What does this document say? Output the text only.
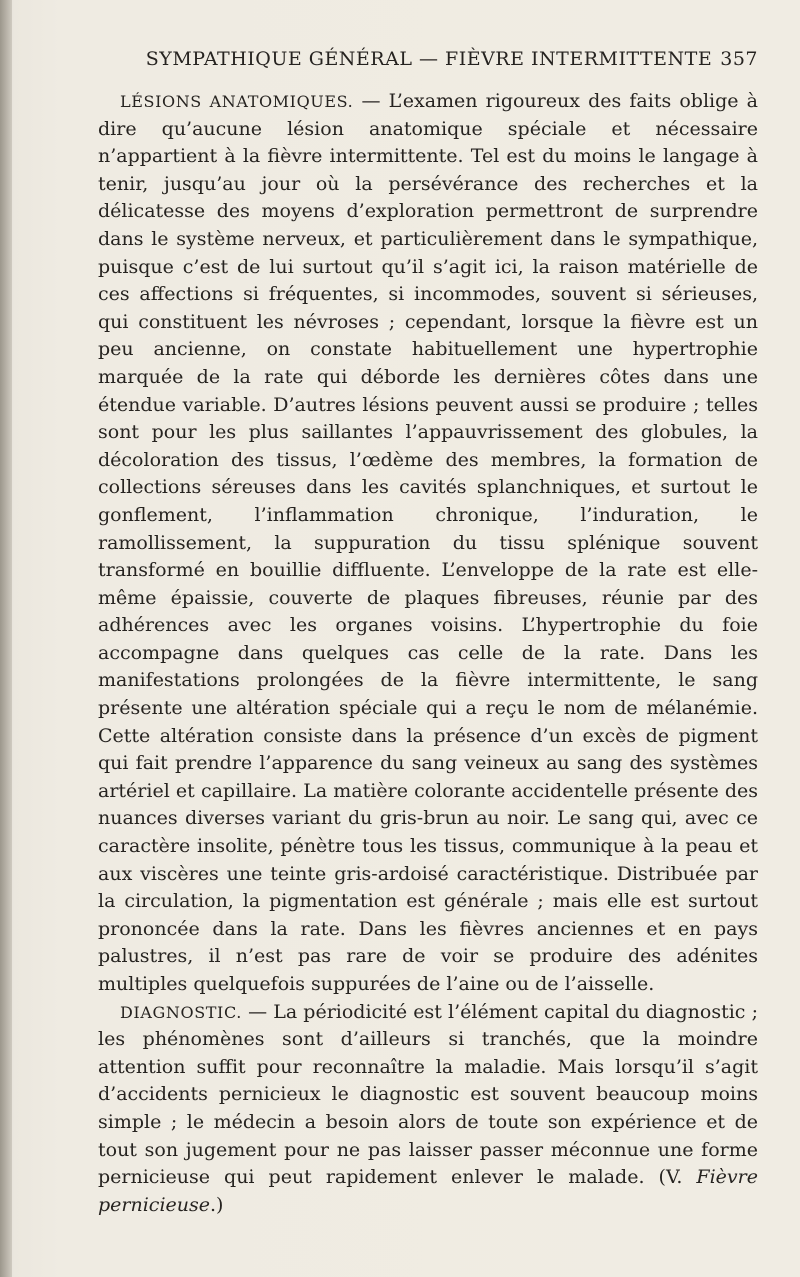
SYMPATHIQUE GÉNÉRAL — FIÈVRE INTERMITTENTE 357

LÉSIONS ANATOMIQUES. — L’examen rigoureux des faits oblige à dire qu’aucune lésion anatomique spéciale et nécessaire n’appartient à la fièvre intermittente. Tel est du moins le langage à tenir, jusqu’au jour où la persévérance des recherches et la délicatesse des moyens d’exploration permettront de surprendre dans le système nerveux, et particulièrement dans le sympathique, puisque c’est de lui surtout qu’il s’agit ici, la raison matérielle de ces affections si fréquentes, si incommodes, souvent si sérieuses, qui constituent les névroses ; cependant, lorsque la fièvre est un peu ancienne, on constate habituellement une hypertrophie marquée de la rate qui déborde les dernières côtes dans une étendue variable. D’autres lésions peuvent aussi se produire ; telles sont pour les plus saillantes l’appauvrissement des globules, la décoloration des tissus, l’œdème des membres, la formation de collections séreuses dans les cavités splanchniques, et surtout le gonflement, l’inflammation chronique, l’induration, le ramollissement, la suppuration du tissu splénique souvent transformé en bouillie diffluente. L’enveloppe de la rate est elle-même épaissie, couverte de plaques fibreuses, réunie par des adhérences avec les organes voisins. L’hypertrophie du foie accompagne dans quelques cas celle de la rate. Dans les manifestations prolongées de la fièvre intermittente, le sang présente une altération spéciale qui a reçu le nom de mélanémie. Cette altération consiste dans la présence d’un excès de pigment qui fait prendre l’apparence du sang veineux au sang des systèmes artériel et capillaire. La matière colorante accidentelle présente des nuances diverses variant du gris-brun au noir. Le sang qui, avec ce caractère insolite, pénètre tous les tissus, communique à la peau et aux viscères une teinte gris-ardoisé caractéristique. Distribuée par la circulation, la pigmentation est générale ; mais elle est surtout prononcée dans la rate. Dans les fièvres anciennes et en pays palustres, il n’est pas rare de voir se produire des adénites multiples quelquefois suppurées de l’aine ou de l’aisselle.

DIAGNOSTIC. — La périodicité est l’élément capital du diagnostic ; les phénomènes sont d’ailleurs si tranchés, que la moindre attention suffit pour reconnaître la maladie. Mais lorsqu’il s’agit d’accidents pernicieux le diagnostic est souvent beaucoup moins simple ; le médecin a besoin alors de toute son expérience et de tout son jugement pour ne pas laisser passer méconnue une forme pernicieuse qui peut rapidement enlever le malade. (V. Fièvre pernicieuse.)
